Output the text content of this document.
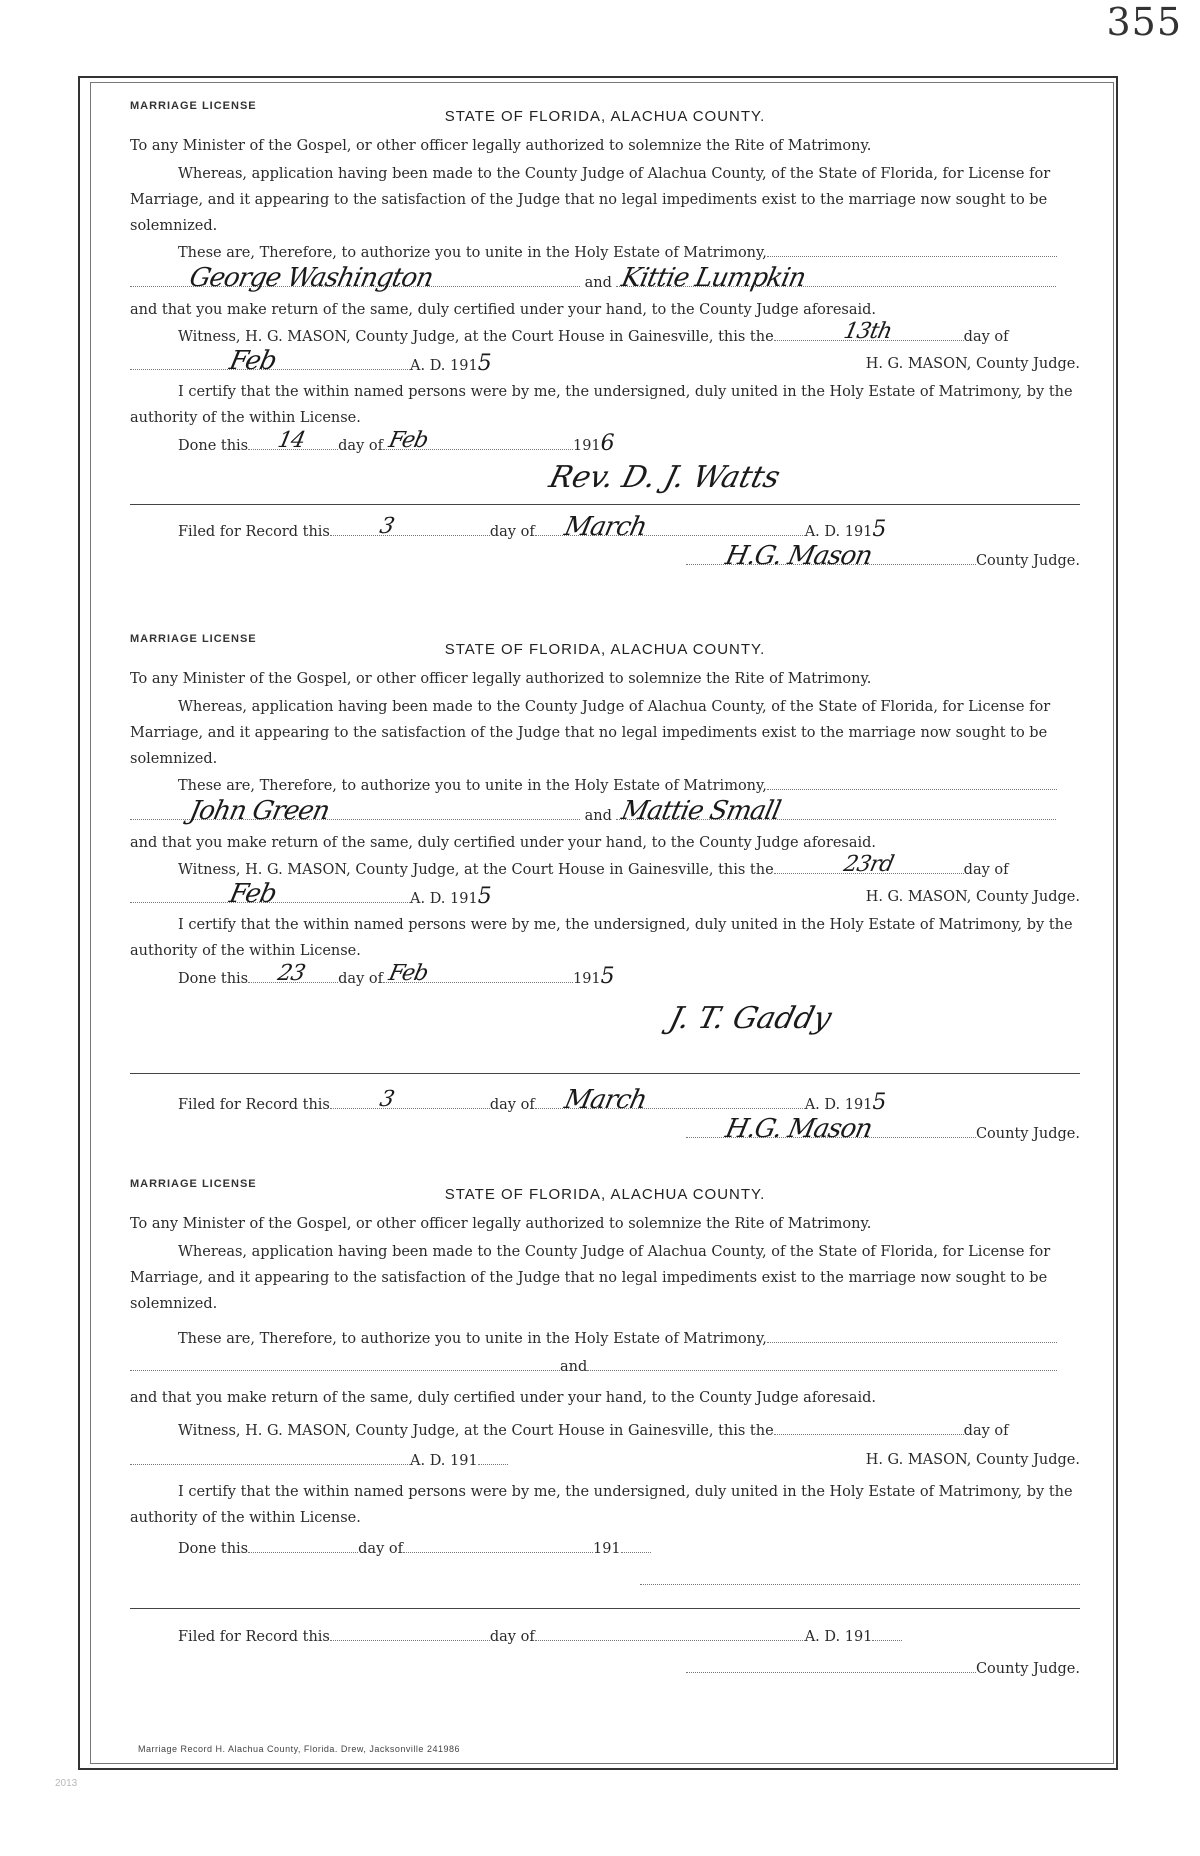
355
MARRIAGE LICENSE
STATE OF FLORIDA, ALACHUA COUNTY.
To any Minister of the Gospel, or other officer legally authorized to solemnize the Rite of Matrimony.
Whereas, application having been made to the County Judge of Alachua County, of the State of Florida, for License for
Marriage, and it appearing to the satisfaction of the Judge that no legal impediments exist to the marriage now sought to be
solemnized.
These are, Therefore, to authorize you to unite in the Holy Estate of Matrimony,
George Washington	and Kittie Lumpkin
and that you make return of the same, duly certified under your hand, to the County Judge aforesaid.
Witness, H. G. MASON, County Judge, at the Court House in Gainesville, this the	13th	day of
Feb	A. D. 1915	H. G. MASON, County Judge.
I certify that the within named persons were by me, the undersigned, duly united in the Holy Estate of Matrimony, by the
authority of the within License.
Done this 14 day of Feb	1916
Rev. D. J. Watts
Filed for Record this 3	day of March	A. D. 1915
H.G. Mason	County Judge.
MARRIAGE LICENSE
STATE OF FLORIDA, ALACHUA COUNTY.
To any Minister of the Gospel, or other officer legally authorized to solemnize the Rite of Matrimony.
Whereas, application having been made to the County Judge of Alachua County, of the State of Florida, for License for
Marriage, and it appearing to the satisfaction of the Judge that no legal impediments exist to the marriage now sought to be
solemnized.
These are, Therefore, to authorize you to unite in the Holy Estate of Matrimony,
John Green	and Mattie Small
and that you make return of the same, duly certified under your hand, to the County Judge aforesaid.
Witness, H. G. MASON, County Judge, at the Court House in Gainesville, this the	23rd	day of
Feb	A. D. 1915	H. G. MASON, County Judge.
I certify that the within named persons were by me, the undersigned, duly united in the Holy Estate of Matrimony, by the
authority of the within License.
Done this 23 day of Feb	1915
J. T. Gaddy
Filed for Record this 3	day of March	A. D. 1915
H.G. Mason	County Judge.
MARRIAGE LICENSE
STATE OF FLORIDA, ALACHUA COUNTY.
To any Minister of the Gospel, or other officer legally authorized to solemnize the Rite of Matrimony.
Whereas, application having been made to the County Judge of Alachua County, of the State of Florida, for License for
Marriage, and it appearing to the satisfaction of the Judge that no legal impediments exist to the marriage now sought to be
solemnized.
These are, Therefore, to authorize you to unite in the Holy Estate of Matrimony,
and
and that you make return of the same, duly certified under your hand, to the County Judge aforesaid.
Witness, H. G. MASON, County Judge, at the Court House in Gainesville, this the	day of
A. D. 191	H. G. MASON, County Judge.
I certify that the within named persons were by me, the undersigned, duly united in the Holy Estate of Matrimony, by the
authority of the within License.
Done this	day of	191
Filed for Record this	day of	A. D. 191
County Judge.
Marriage Record H. Alachua County, Florida. Drew, Jacksonville 241986
2013
